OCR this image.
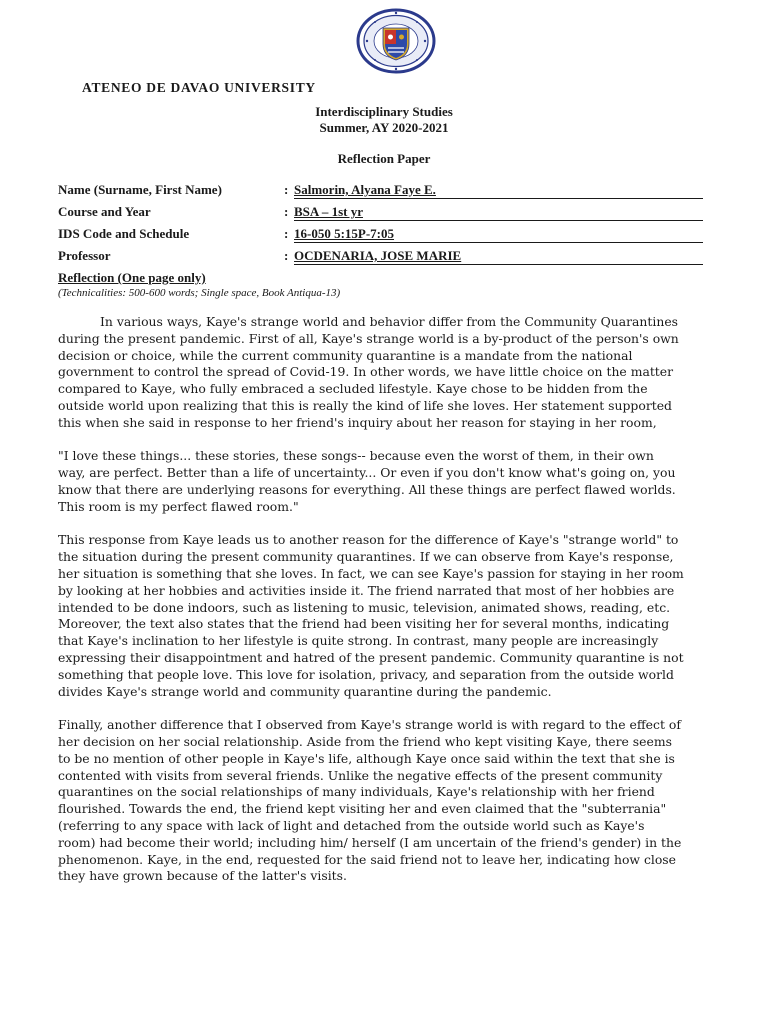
ATENEO DE DAVAO UNIVERSITY
Interdisciplinary Studies
Summer, AY 2020-2021
Reflection Paper
Name (Surname, First Name)	: Salmorin, Alyana Faye E.
Course and Year	: BSA – 1st yr
IDS Code and Schedule	: 16-050 5:15P-7:05
Professor	: OCDENARIA, JOSE MARIE
Reflection (One page only)
(Technicalities: 500-600 words; Single space, Book Antiqua-13)

In various ways, Kaye's strange world and behavior differ from the Community Quarantines during the present pandemic. First of all, Kaye's strange world is a by-product of the person's own decision or choice, while the current community quarantine is a mandate from the national government to control the spread of Covid-19. In other words, we have little choice on the matter compared to Kaye, who fully embraced a secluded lifestyle. Kaye chose to be hidden from the outside world upon realizing that this is really the kind of life she loves. Her statement supported this when she said in response to her friend's inquiry about her reason for staying in her room,

"I love these things... these stories, these songs-- because even the worst of them, in their own way, are perfect. Better than a life of uncertainty... Or even if you don't know what's going on, you know that there are underlying reasons for everything. All these things are perfect flawed worlds. This room is my perfect flawed room."

This response from Kaye leads us to another reason for the difference of Kaye's "strange world" to the situation during the present community quarantines. If we can observe from Kaye's response, her situation is something that she loves. In fact, we can see Kaye's passion for staying in her room by looking at her hobbies and activities inside it. The friend narrated that most of her hobbies are intended to be done indoors, such as listening to music, television, animated shows, reading, etc. Moreover, the text also states that the friend had been visiting her for several months, indicating that Kaye's inclination to her lifestyle is quite strong. In contrast, many people are increasingly expressing their disappointment and hatred of the present pandemic. Community quarantine is not something that people love. This love for isolation, privacy, and separation from the outside world divides Kaye's strange world and community quarantine during the pandemic.

Finally, another difference that I observed from Kaye's strange world is with regard to the effect of her decision on her social relationship. Aside from the friend who kept visiting Kaye, there seems to be no mention of other people in Kaye's life, although Kaye once said within the text that she is contented with visits from several friends. Unlike the negative effects of the present community quarantines on the social relationships of many individuals, Kaye's relationship with her friend flourished. Towards the end, the friend kept visiting her and even claimed that the "subterrania" (referring to any space with lack of light and detached from the outside world such as Kaye's room) had become their world; including him/ herself (I am uncertain of the friend's gender) in the phenomenon. Kaye, in the end, requested for the said friend not to leave her, indicating how close they have grown because of the latter's visits.
